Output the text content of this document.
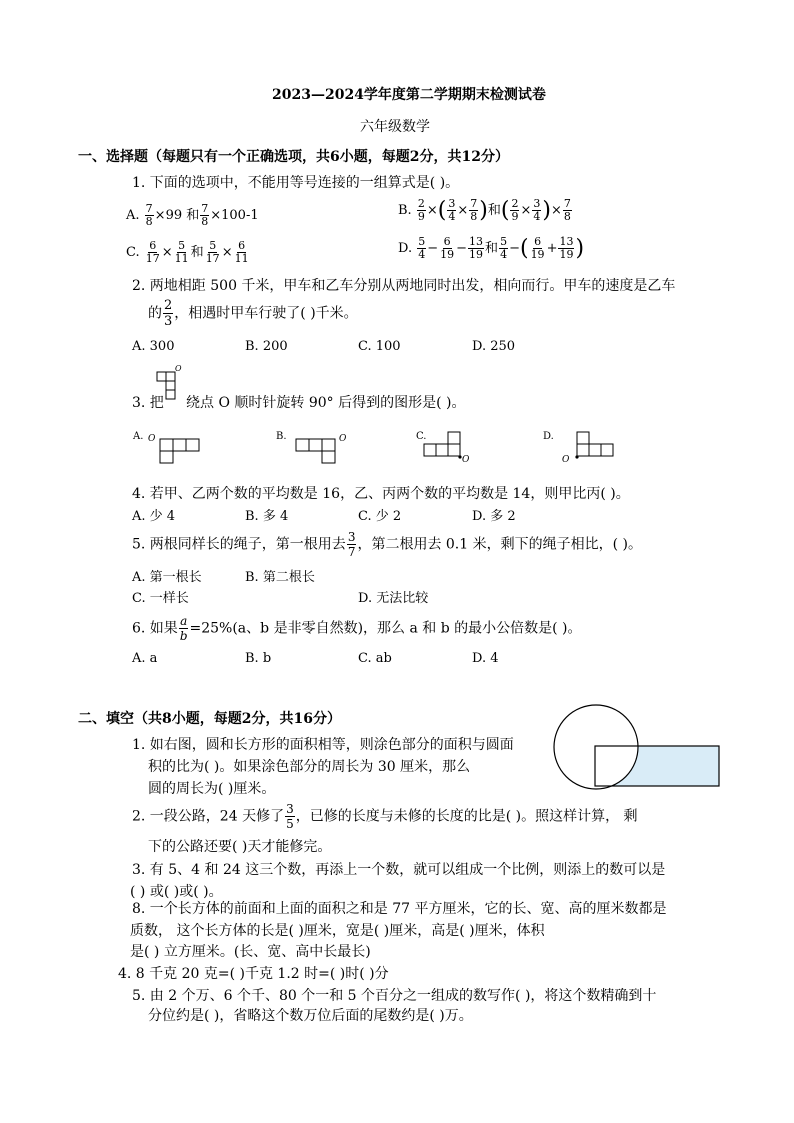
2023—2024学年度第二学期期末检测试卷
六年级数学
一、选择题（每题只有一个正确选项，共6小题，每题2分，共12分）
1. 下面的选项中，不能用等号连接的一组算式是( )。
A. $\frac{7}{8} \times 99$ 和 $\frac{7}{8} \times 100-1$	B. $\frac{2}{9}$ ×( $\frac{3}{4} \times \frac{7}{8}$ )和( $\frac{2}{9} \times \frac{3}{4}$ )× $\frac{7}{8}$
C. $\frac{6}{17} \times \frac{5}{11}$ 和 $\frac{5}{17} \times \frac{6}{11}$	D. $\frac{5}{4} - \frac{6}{19} - \frac{13}{19}$ 和 $\frac{5}{4}$ −( $\frac{6}{19} + \frac{13}{19}$ )
2. 两地相距 500 千米，甲车和乙车分别从两地同时出发，相向而行。甲车的速度是乙车
的 $\frac{2}{3}$ ，相遇时甲车行驶了( )千米。
A. 300	B. 200	C. 100	D. 250
3. 把
O
绕点 O 顺时针旋转 90° 后得到的图形是( )。
A. O	B.	O	C.
O
D.
O
4. 若甲、乙两个数的平均数是 16，乙、丙两个数的平均数是 14，则甲比丙( )。
A. 少 4	B. 多 4	C. 少 2	D. 多 2
5. 两根同样长的绳子，第一根用去 $\frac{3}{7}$ ，第二根用去 0.1 米，剩下的绳子相比，( )。
A. 第一根长	B. 第二根长
C. 一样长	D. 无法比较
6. 如果 $\frac{a}{b} =25\%(a$、b 是非零自然数)，那么 a 和 b 的最小公倍数是( )。
A. a	B. b	C. ab	D. 4
二、填空（共8小题，每题2分，共16分）
1. 如右图，圆和长方形的面积相等，则涂色部分的面积与圆面
积的比为( )。如果涂色部分的周长为 30 厘米，那么
圆的周长为( )厘米。
2. 一段公路，24 天修了 $\frac{3}{5}$ ，已修的长度与未修的长度的比是( )。照这样计算， 剩
下的公路还要( )天才能修完。
3. 有 5、4 和 24 这三个数，再添上一个数，就可以组成一个比例，则添上的数可以是
( ) 或( )或( )。
8. 一个长方体的前面和上面的面积之和是 77 平方厘米，它的长、宽、高的厘米数都是
质数， 这个长方体的长是( )厘米，宽是( )厘米，高是( )厘米，体积
是( ) 立方厘米。(长、宽、高中长最长)
4. 8 千克 20 克=( )千克 1.2 时=( )时( )分
5. 由 2 个万、6 个千、80 个一和 5 个百分之一组成的数写作( )，将这个数精确到十
分位约是( )，省略这个数万位后面的尾数约是( )万。
